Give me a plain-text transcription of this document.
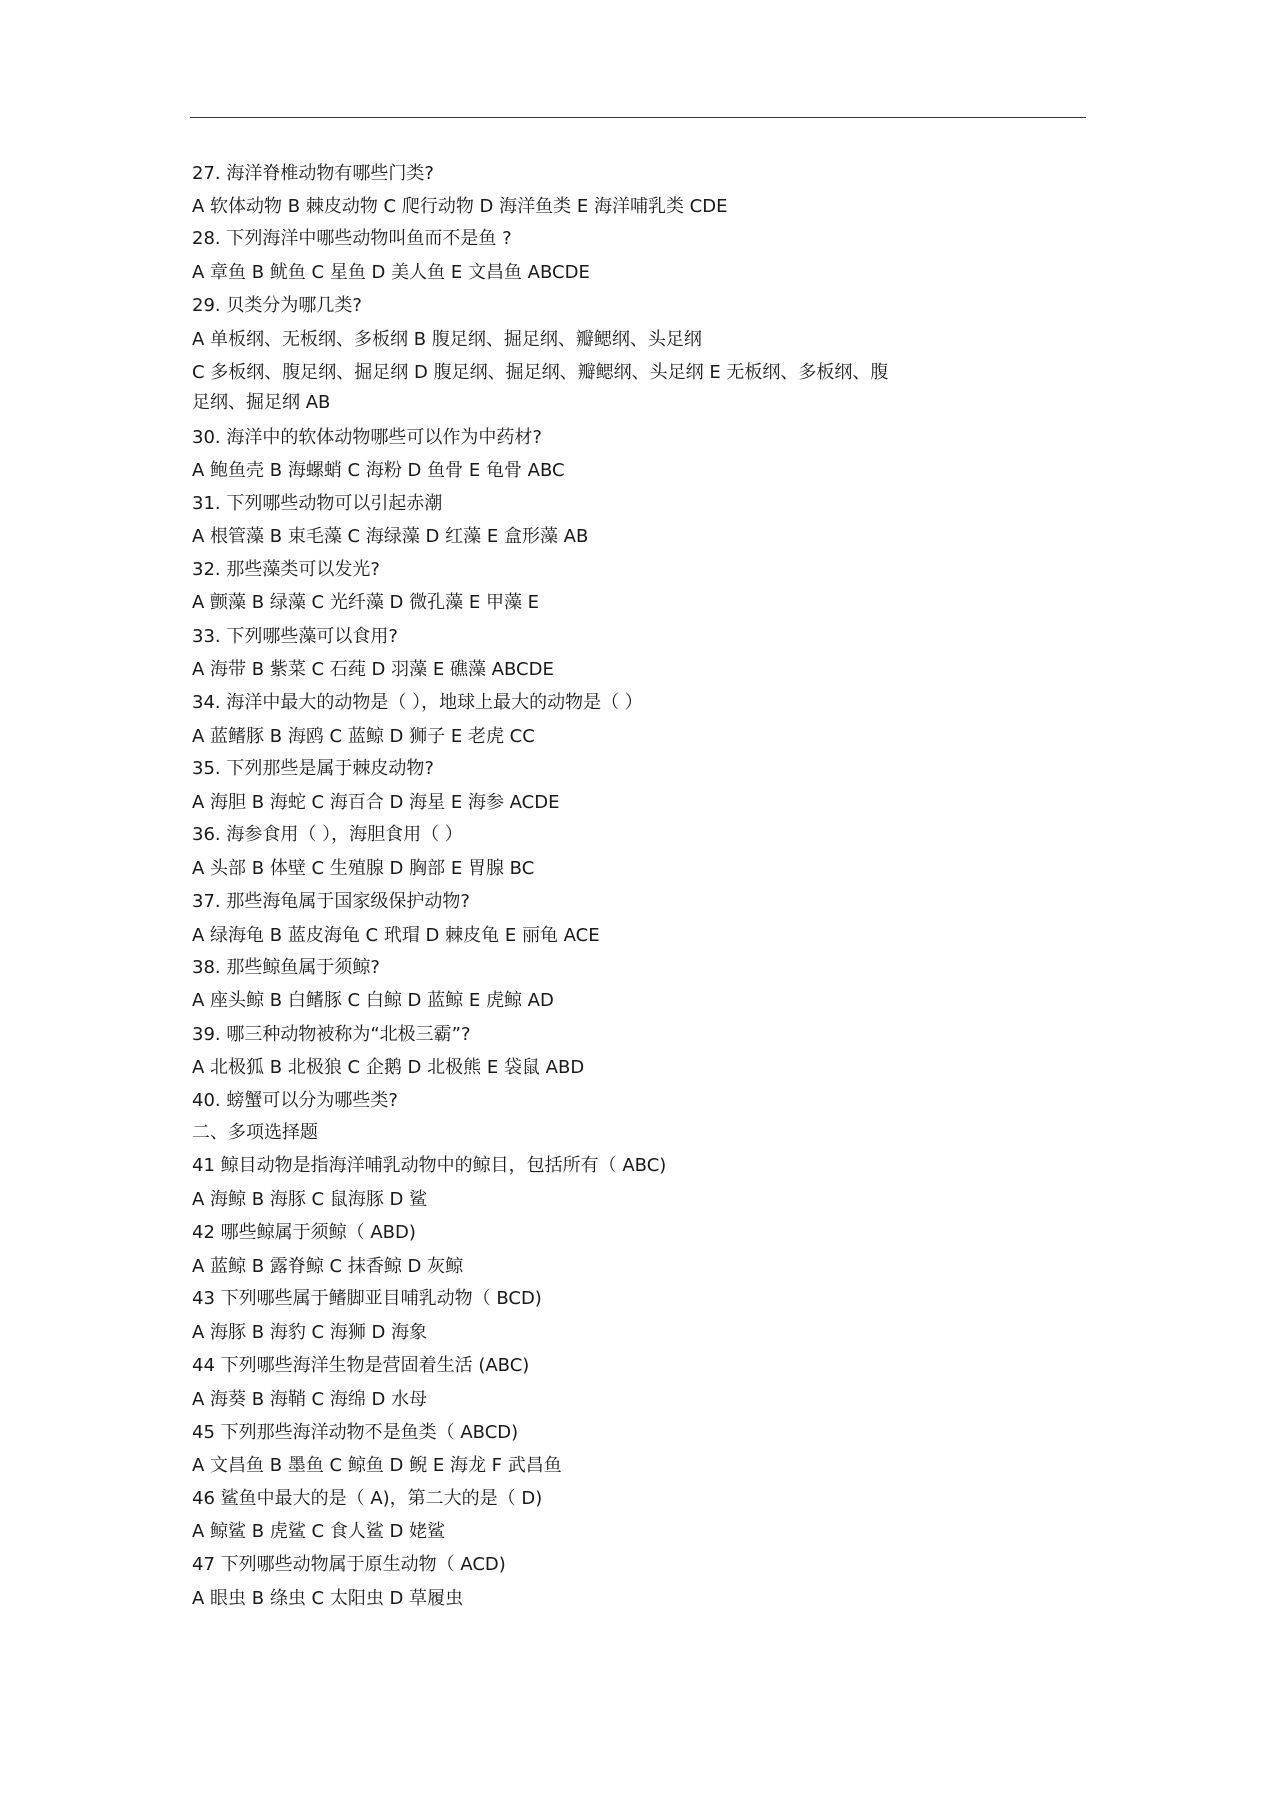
27. 海洋脊椎动物有哪些门类?
A 软体动物 B 棘皮动物 C 爬行动物 D 海洋鱼类 E 海洋哺乳类 CDE
28. 下列海洋中哪些动物叫鱼而不是鱼 ?
A 章鱼 B 鱿鱼 C 星鱼 D 美人鱼 E 文昌鱼 ABCDE
29. 贝类分为哪几类?
A 单板纲、无板纲、多板纲 B 腹足纲、掘足纲、瓣鳃纲、头足纲
C 多板纲、腹足纲、掘足纲 D 腹足纲、掘足纲、瓣鳃纲、头足纲 E 无板纲、多板纲、腹
足纲、掘足纲 AB
30. 海洋中的软体动物哪些可以作为中药材?
A 鲍鱼壳 B 海螺蛸 C 海粉 D 鱼骨 E 龟骨 ABC
31. 下列哪些动物可以引起赤潮
A 根管藻 B 束毛藻 C 海绿藻 D 红藻 E 盒形藻 AB
32. 那些藻类可以发光?
A 颤藻 B 绿藻 C 光纤藻 D 微孔藻 E 甲藻 E
33. 下列哪些藻可以食用?
A 海带 B 紫菜 C 石莼 D 羽藻 E 礁藻 ABCDE
34. 海洋中最大的动物是（ ），地球上最大的动物是（ ）
A 蓝鳍豚 B 海鸥 C 蓝鲸 D 狮子 E 老虎 CC
35. 下列那些是属于棘皮动物?
A 海胆 B 海蛇 C 海百合 D 海星 E 海参 ACDE
36. 海参食用（ ），海胆食用（ ）
A 头部 B 体壁 C 生殖腺 D 胸部 E 胃腺 BC
37. 那些海龟属于国家级保护动物?
A 绿海龟 B 蓝皮海龟 C 玳瑁 D 棘皮龟 E 丽龟 ACE
38. 那些鲸鱼属于须鲸?
A 座头鲸 B 白鳍豚 C 白鲸 D 蓝鲸 E 虎鲸 AD
39. 哪三种动物被称为“北极三霸”?
A 北极狐 B 北极狼 C 企鹅 D 北极熊 E 袋鼠 ABD
40. 螃蟹可以分为哪些类?
二、多项选择题
41 鲸目动物是指海洋哺乳动物中的鲸目，包括所有（ ABC)
A 海鲸 B 海豚 C 鼠海豚 D 鲨
42 哪些鲸属于须鲸（ ABD)
A 蓝鲸 B 露脊鲸 C 抹香鲸 D 灰鲸
43 下列哪些属于鳍脚亚目哺乳动物（ BCD)
A 海豚 B 海豹 C 海狮 D 海象
44 下列哪些海洋生物是营固着生活 (ABC)
A 海葵 B 海鞘 C 海绵 D 水母
45 下列那些海洋动物不是鱼类（ ABCD)
A 文昌鱼 B 墨鱼 C 鲸鱼 D 鲵 E 海龙 F 武昌鱼
46 鲨鱼中最大的是（ A)，第二大的是（ D)
A 鲸鲨 B 虎鲨 C 食人鲨 D 姥鲨
47 下列哪些动物属于原生动物（ ACD)
A 眼虫 B 绦虫 C 太阳虫 D 草履虫
